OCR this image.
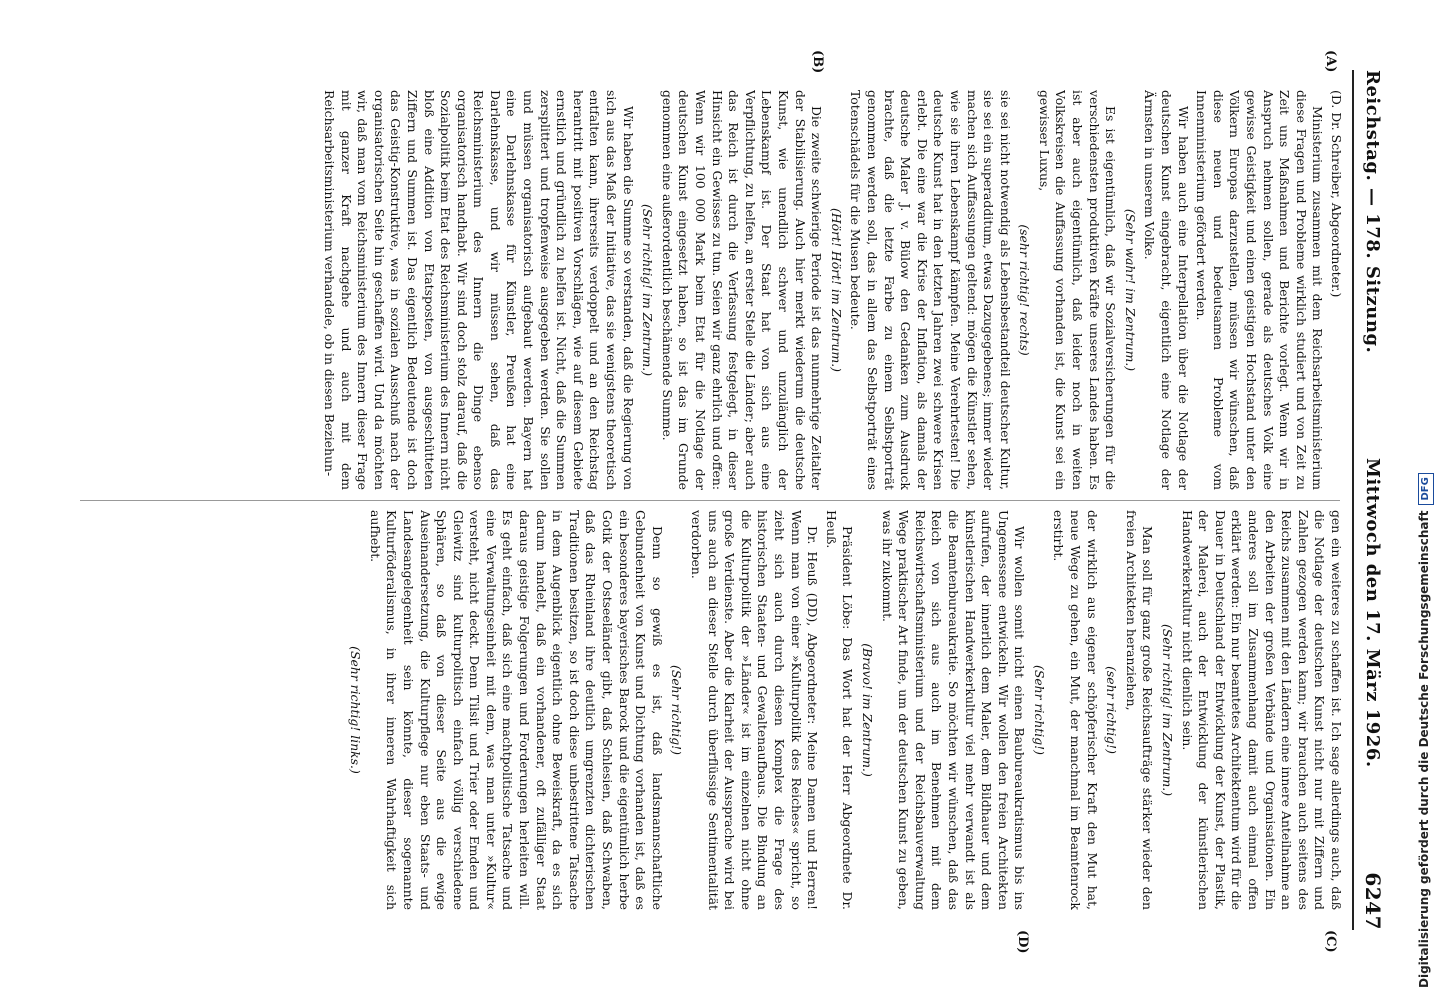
Reichstag. — 178. Sitzung.
Mittwoch den 17. März 1926.
6247
(A)
(B)
(C)
(D)

(D. Dr. Schreiber, Abgeordneter.)

Ministerium zusammen mit dem Reichsarbeitsministerium diese Fragen und Probleme wirklich studiert und von Zeit zu Zeit uns Maßnahmen und Berichte vorlegt. Wenn wir in Anspruch nehmen sollen, gerade als deutsches Volk eine gewisse Geistigkeit und einen geistigen Hochstand unter den Völkern Europas darzustellen, müssen wir wünschen, daß diese neuen und bedeutsamen Probleme vom Innenministerium gefördert werden.

Wir haben auch eine Interpellation über die Notlage der deutschen Kunst eingebracht, eigentlich eine Notlage der Ärmsten in unserem Volke.

(Sehr wahr! im Zentrum.)

Es ist eigentümlich, daß wir Sozialversicherungen für die verschiedensten produktiven Kräfte unseres Landes haben. Es ist aber auch eigentümlich, daß leider noch in weiten Volkskreisen die Auffassung vorhanden ist, die Kunst sei ein gewisser Luxus,

(sehr richtig! rechts)

sie sei nicht notwendig als Lebensbestandteil deutscher Kultur, sie sei ein superadditum, etwas Dazugegebenes; immer wieder machen sich Auffassungen geltend: mögen die Künstler sehen, wie sie ihren Lebenskampf kämpfen. Meine Verehrtesten! Die deutsche Kunst hat in den letzten Jahren zwei schwere Krisen erlebt. Die eine war die Krise der Inflation, als damals der deutsche Maler J. v. Bülow den Gedanken zum Ausdruck brachte, daß die letzte Farbe zu einem Selbstporträt genommen werden soll, das in allem das Selbstporträt eines Totenschädels für die Musen bedeute.

(Hört! Hört! im Zentrum.)

Die zweite schwierige Periode ist das nunmehrige Zeitalter der Stabilisierung. Auch hier merkt wiederum die deutsche Kunst, wie unendlich schwer und unzulänglich der Lebenskampf ist. Der Staat hat von sich aus eine Verpflichtung, zu helfen, an erster Stelle die Länder; aber auch das Reich ist durch die Verfassung festgelegt, in dieser Hinsicht ein Gewisses zu tun. Seien wir ganz ehrlich und offen: Wenn wir 100 000 Mark beim Etat für die Notlage der deutschen Kunst eingesetzt haben, so ist das im Grunde genommen eine außerordentlich beschämende Summe.

(Sehr richtig! im Zentrum.)

Wir haben die Summe so verstanden, daß die Regierung von sich aus das Maß der Initiative, das sie wenigstens theoretisch entfalten kann, ihrerseits verdoppelt und an den Reichstag herantritt mit positiven Vorschlägen, wie auf diesem Gebiete ernstlich und gründlich zu helfen ist. Nicht, daß die Summen zersplittert und tropfenweise ausgegeben werden. Sie sollen und müssen organisatorisch aufgebaut werden. Bayern hat eine Darlehnskasse für Künstler, Preußen hat eine Darlehnskasse, und wir müssen sehen, daß das Reichsministerium des Innern die Dinge ebenso organisatorisch handhabt. Wir sind doch stolz darauf, daß die Sozialpolitik beim Etat des Reichsministerium des Innern nicht bloß eine Addition von Etatsposten, von ausgeschütteten Ziffern und Summen ist. Das eigentlich Bedeutende ist doch das Geistig-Konstruktive, was in sozialen Ausschuß nach der organisatorischen Seite hin geschaffen wird. Und da möchten wir, daß man vom Reichsministerium des Innern dieser Frage mit ganzer Kraft nachgehe und auch mit dem Reichsarbeitsministerium verhandele, ob in diesen Beziehun-

gen ein weiteres zu schaffen ist. Ich sage allerdings auch, daß die Notlage der deutschen Kunst nicht nur mit Ziffern und Zahlen gezogen werden kann; wir brauchen auch seitens des Reichs zusammen mit den Ländern eine innere Anteilnahme an den Arbeiten der großen Verbände und Organisationen. Ein anderes soll im Zusammenhang damit auch einmal offen erklärt werden: Ein nur beamtetes Architektentum wird für die Dauer in Deutschland der Entwicklung der Kunst, der Plastik, der Malerei, auch der Entwicklung der künstlerischen Handwerkerkultur nicht dienlich sein.

(Sehr richtig! im Zentrum.)

Man soll für ganz große Reichsaufträge stärker wieder den freien Architekten heranziehen,

(sehr richtig!)

der wirklich aus eigener schöpferischer Kraft den Mut hat, neue Wege zu gehen, ein Mut, der manchmal im Beamtenrock erstirbt.

(Sehr richtig!)

Wir wollen somit nicht einen Baubureaukratismus bis ins Ungemessene entwickeln. Wir wollen den freien Architekten aufrufen, der innerlich dem Maler, dem Bildhauer und dem künstlerischen Handwerkerkultur viel mehr verwandt ist als die Beamtenbureaukratie. So möchten wir wünschen, daß das Reich von sich aus auch im Benehmen mit dem Reichswirtschaftsministerium und der Reichsbauverwaltung Wege praktischer Art finde, um der deutschen Kunst zu geben, was ihr zukommt.

(Bravo! im Zentrum.)

Präsident Löbe: Das Wort hat der Herr Abgeordnete Dr. Heuß.

Dr. Heuß (DD), Abgeordneter: Meine Damen und Herren! Wenn man von einer »Kulturpolitik des Reiches« spricht, so zieht sich auch durch diesen Komplex die Frage des historischen Staaten- und Gewaltenaufbaus. Die Bindung an die Kulturpolitik der »Länder« ist im einzelnen nicht ohne große Verdienste. Aber die Klarheit der Aussprache wird bei uns auch an dieser Stelle durch überflüssige Sentimentalität verdorben.

(Sehr richtig!)

Denn so gewiß es ist, daß landsmannschaftliche Gebundenheit von Kunst und Dichtung vorhanden ist, daß es ein besonderes bayerisches Barock und die eigentümlich herbe Gotik der Ostseeländer gibt, daß Schlesien, daß Schwaben, daß das Rheinland ihre deutlich umgrenzten dichterischen Traditionen besitzen, so ist doch diese unbestrittene Tatsache in dem Augenblick eigentlich ohne Beweiskraft, da es sich darum handelt, daß ein vorhandener, oft zufälliger Staat daraus geistige Folgerungen und Forderungen herleiten will. Es geht einfach, daß sich eine machtpolitische Tatsache und eine Verwaltungseinheit mit dem, was man unter »Kultur« versteht, nicht deckt. Denn Tilsit und Trier oder Emden und Gleiwitz sind kulturpolitisch einfach völlig verschiedene Sphären, so daß von dieser Seite aus die ewige Auseinandersetzung, die Kulturpflege nur eben Staats- und Landesangelegenheit sein könnte, dieser sogenannte Kulturföderalismus, in ihrer inneren Wahrhaftigkeit sich aufhebt.

(Sehr richtig! links.)	Digitalisierung gefördert durch die Deutsche ForschungsgemeinschaftDFG
